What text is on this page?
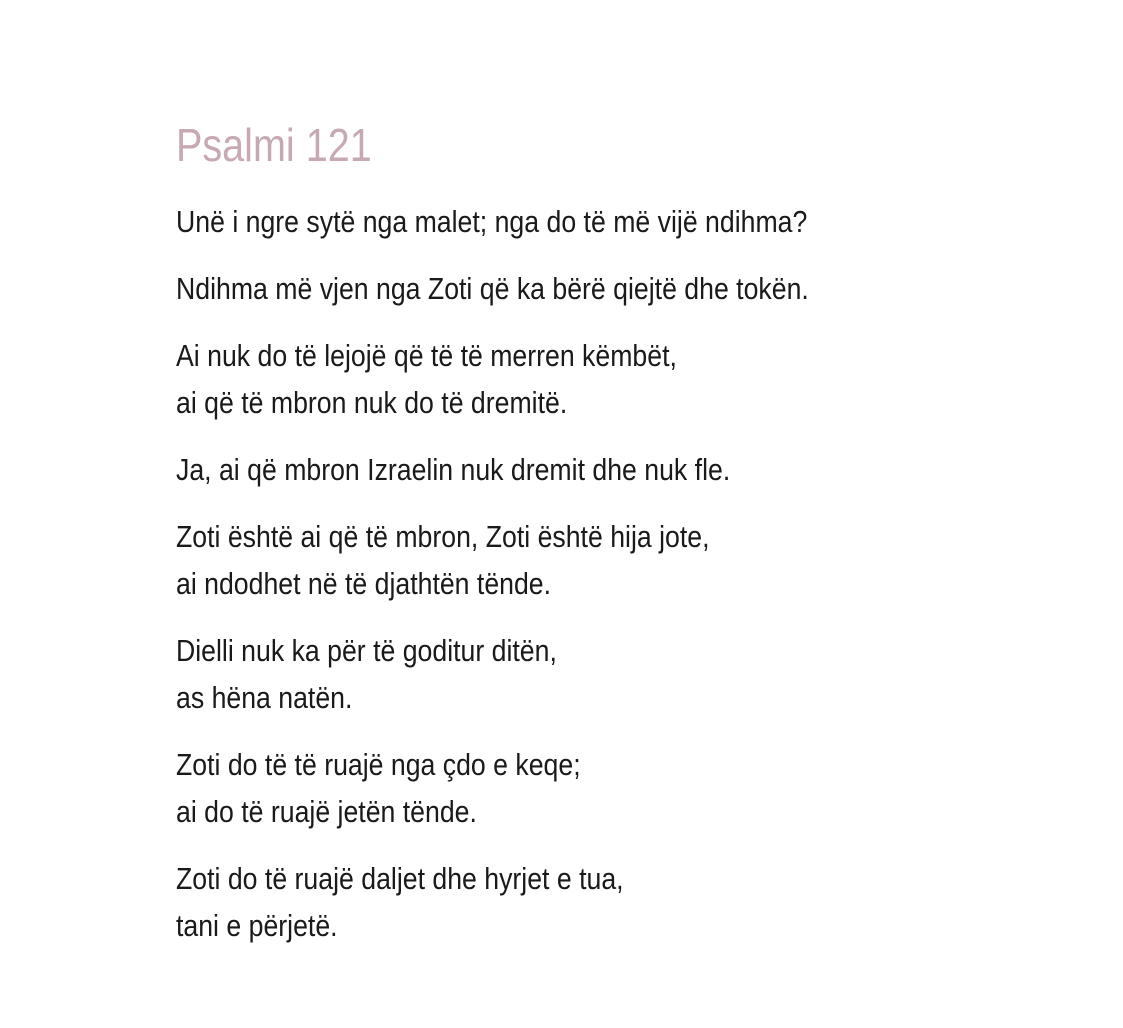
Psalmi 121
Unë i ngre sytë nga malet; nga do të më vijë ndihma?
Ndihma më vjen nga Zoti që ka bërë qiejtë dhe tokën.
Ai nuk do të lejojë që të të merren këmbët,
ai që të mbron nuk do të dremitë.
Ja, ai që mbron Izraelin nuk dremit dhe nuk fle.
Zoti është ai që të mbron, Zoti është hija jote,
ai ndodhet në të djathtën tënde.
Dielli nuk ka për të goditur ditën,
as hëna natën.
Zoti do të të ruajë nga çdo e keqe;
ai do të ruajë jetën tënde.
Zoti do të ruajë daljet dhe hyrjet e tua,
tani e përjetë.
